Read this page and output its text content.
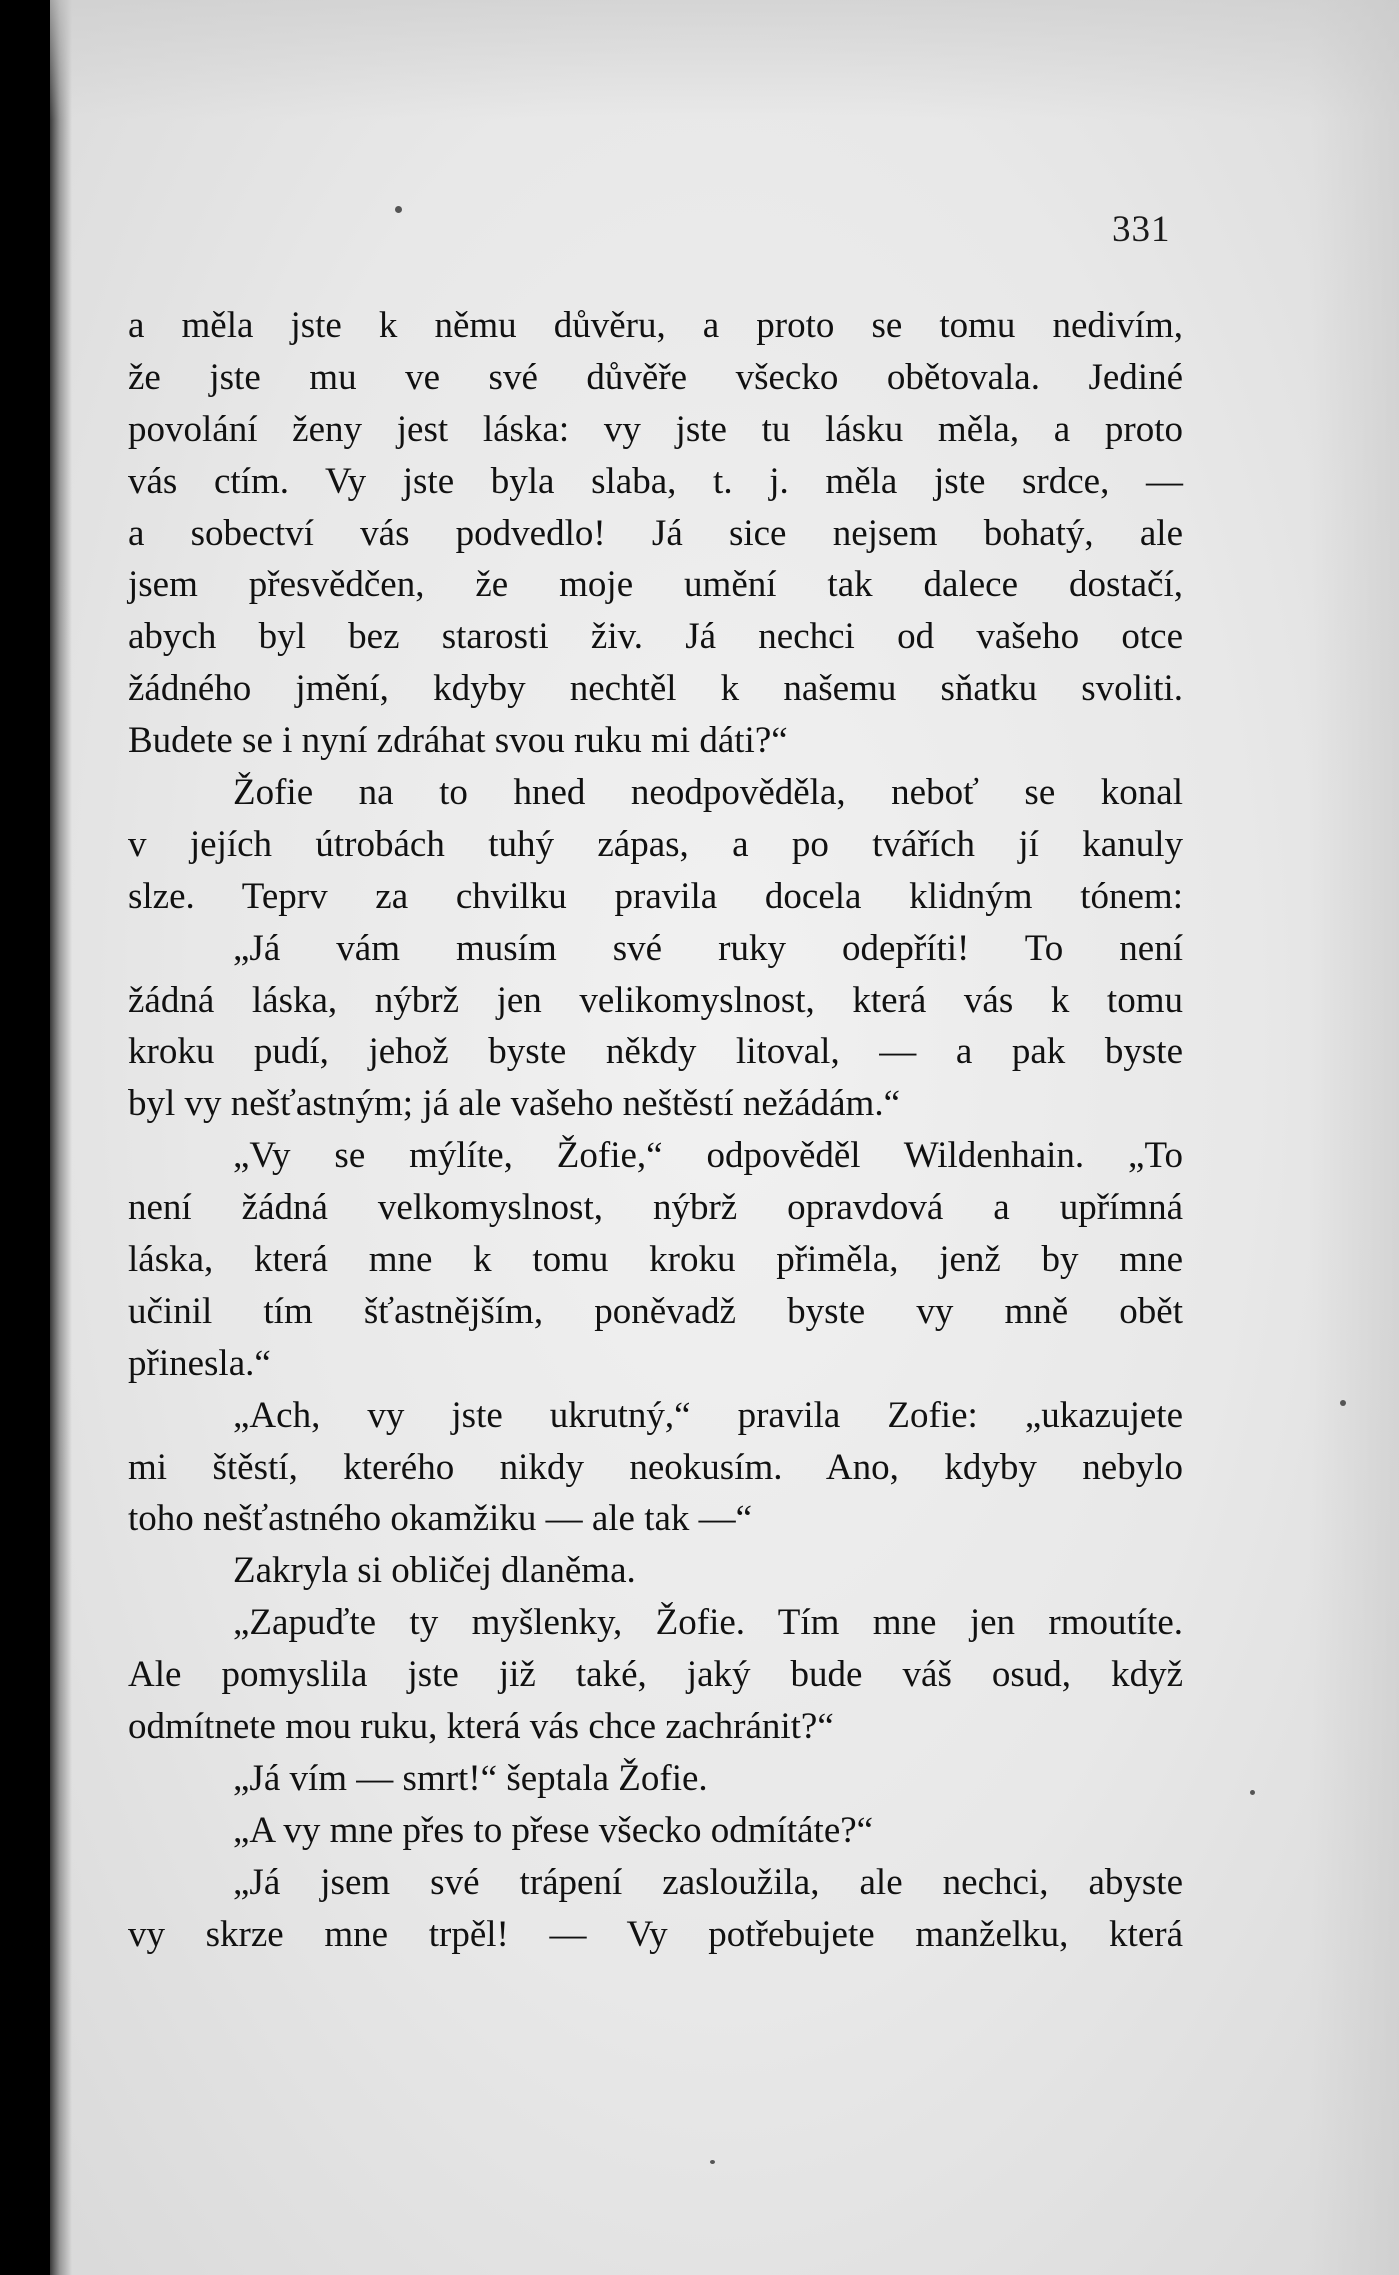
331
a měla jste k němu důvěru, a proto se tomu nedivím,
že jste mu ve své důvěře všecko obětovala. Jediné
povolání ženy jest láska: vy jste tu lásku měla, a proto
vás ctím. Vy jste byla slaba, t. j. měla jste srdce, —
a sobectví vás podvedlo! Já sice nejsem bohatý, ale
jsem přesvědčen, že moje umění tak dalece dostačí,
abych byl bez starosti živ. Já nechci od vašeho otce
žádného jmění, kdyby nechtěl k našemu sňatku svoliti.
Budete se i nyní zdráhat svou ruku mi dáti?“
Žofie na to hned neodpověděla, neboť se konal
v jejích útrobách tuhý zápas, a po tvářích jí kanuly
slze. Teprv za chvilku pravila docela klidným tónem:
„Já vám musím své ruky odepříti! To není
žádná láska, nýbrž jen velikomyslnost, která vás k tomu
kroku pudí, jehož byste někdy litoval, — a pak byste
byl vy nešťastným; já ale vašeho neštěstí nežádám.“
„Vy se mýlíte, Žofie,“ odpověděl Wildenhain. „To
není žádná velkomyslnost, nýbrž opravdová a upřímná
láska, která mne k tomu kroku přiměla, jenž by mne
učinil tím šťastnějším, poněvadž byste vy mně obět
přinesla.“
„Ach, vy jste ukrutný,“ pravila Zofie: „ukazujete
mi štěstí, kterého nikdy neokusím. Ano, kdyby nebylo
toho nešťastného okamžiku — ale tak —“
Zakryla si obličej dlaněma.
„Zapuďte ty myšlenky, Žofie. Tím mne jen rmoutíte.
Ale pomyslila jste již také, jaký bude váš osud, když
odmítnete mou ruku, která vás chce zachránit?“
„Já vím — smrt!“ šeptala Žofie.
„A vy mne přes to přese všecko odmítáte?“
„Já jsem své trápení zasloužila, ale nechci, abyste
vy skrze mne trpěl! — Vy potřebujete manželku, která
